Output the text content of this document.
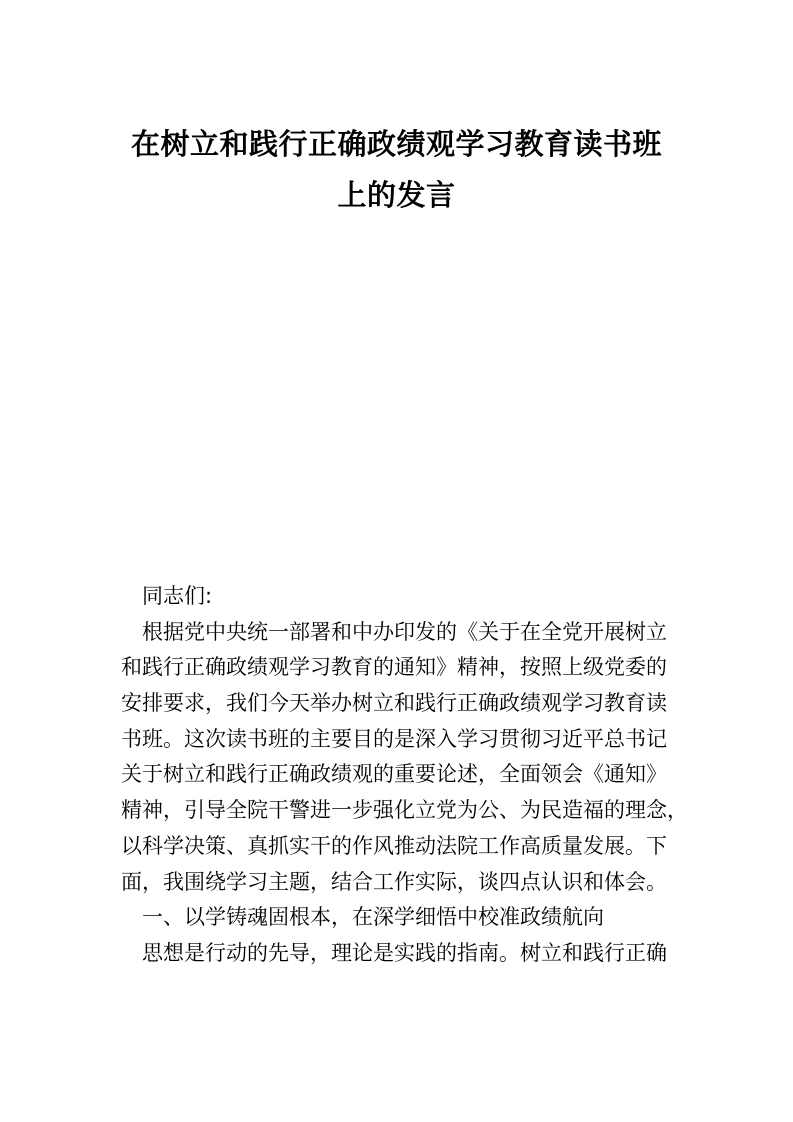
在树立和践行正确政绩观学习教育读书班
上的发言
同志们:
根据党中央统一部署和中办印发的《关于在全党开展树立
和践行正确政绩观学习教育的通知》精神，按照上级党委的
安排要求，我们今天举办树立和践行正确政绩观学习教育读
书班。这次读书班的主要目的是深入学习贯彻习近平总书记
关于树立和践行正确政绩观的重要论述，全面领会《通知》
精神，引导全院干警进一步强化立党为公、为民造福的理念，
以科学决策、真抓实干的作风推动法院工作高质量发展。下
面，我围绕学习主题，结合工作实际，谈四点认识和体会。
一、以学铸魂固根本，在深学细悟中校准政绩航向
思想是行动的先导，理论是实践的指南。树立和践行正确
